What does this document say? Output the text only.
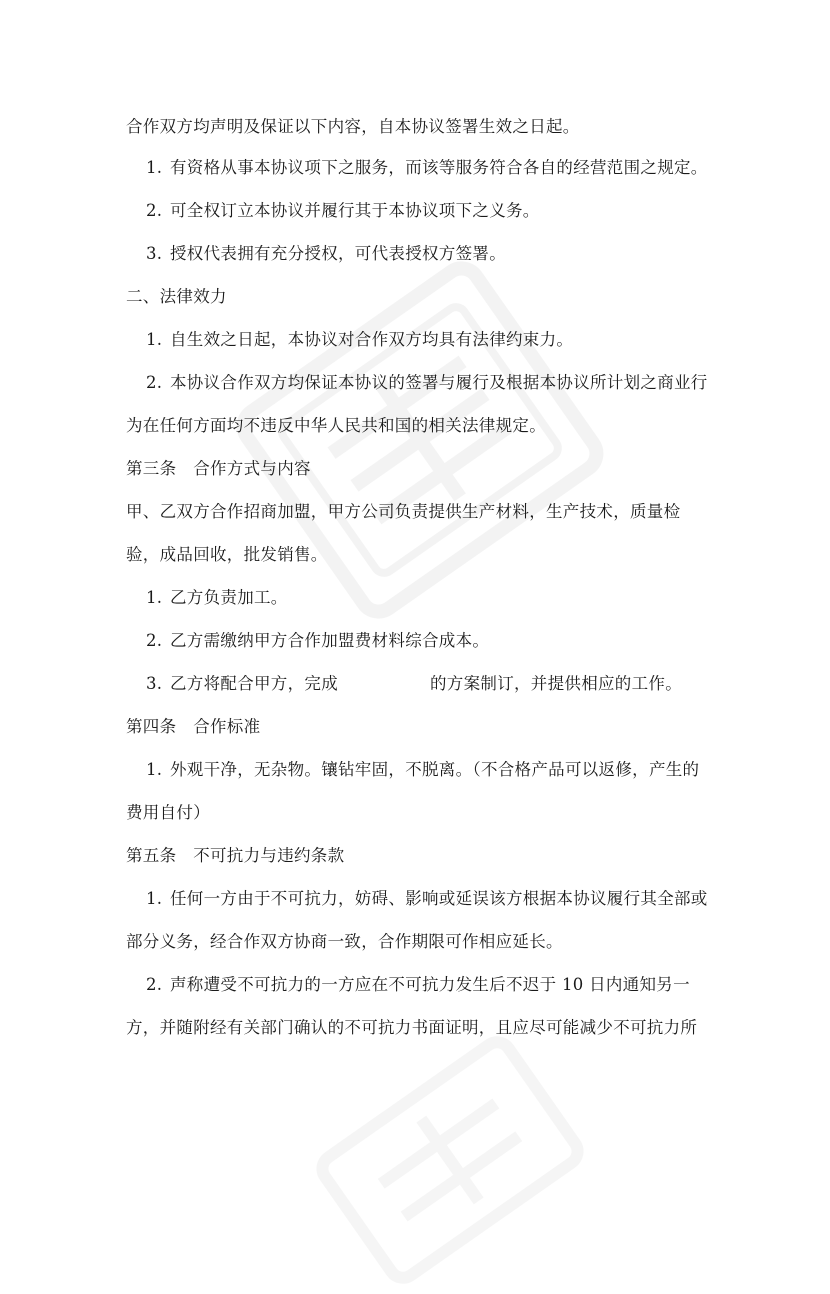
合作双方均声明及保证以下内容，自本协议签署生效之日起。
1. 有资格从事本协议项下之服务，而该等服务符合各自的经营范围之规定。
2. 可全权订立本协议并履行其于本协议项下之义务。
3. 授权代表拥有充分授权，可代表授权方签署。
二、法律效力
1. 自生效之日起，本协议对合作双方均具有法律约束力。
2. 本协议合作双方均保证本协议的签署与履行及根据本协议所计划之商业行
为在任何方面均不违反中华人民共和国的相关法律规定。
第三条　合作方式与内容
甲、乙双方合作招商加盟，甲方公司负责提供生产材料，生产技术，质量检
验，成品回收，批发销售。
1. 乙方负责加工。
2. 乙方需缴纳甲方合作加盟费材料综合成本。
3. 乙方将配合甲方，完成	的方案制订，并提供相应的工作。
第四条　合作标准
1. 外观干净，无杂物。镶钻牢固，不脱离。（不合格产品可以返修，产生的
费用自付）
第五条　不可抗力与违约条款
1. 任何一方由于不可抗力，妨碍、影响或延误该方根据本协议履行其全部或
部分义务，经合作双方协商一致，合作期限可作相应延长。
2. 声称遭受不可抗力的一方应在不可抗力发生后不迟于 10 日内通知另一
方，并随附经有关部门确认的不可抗力书面证明，且应尽可能减少不可抗力所
